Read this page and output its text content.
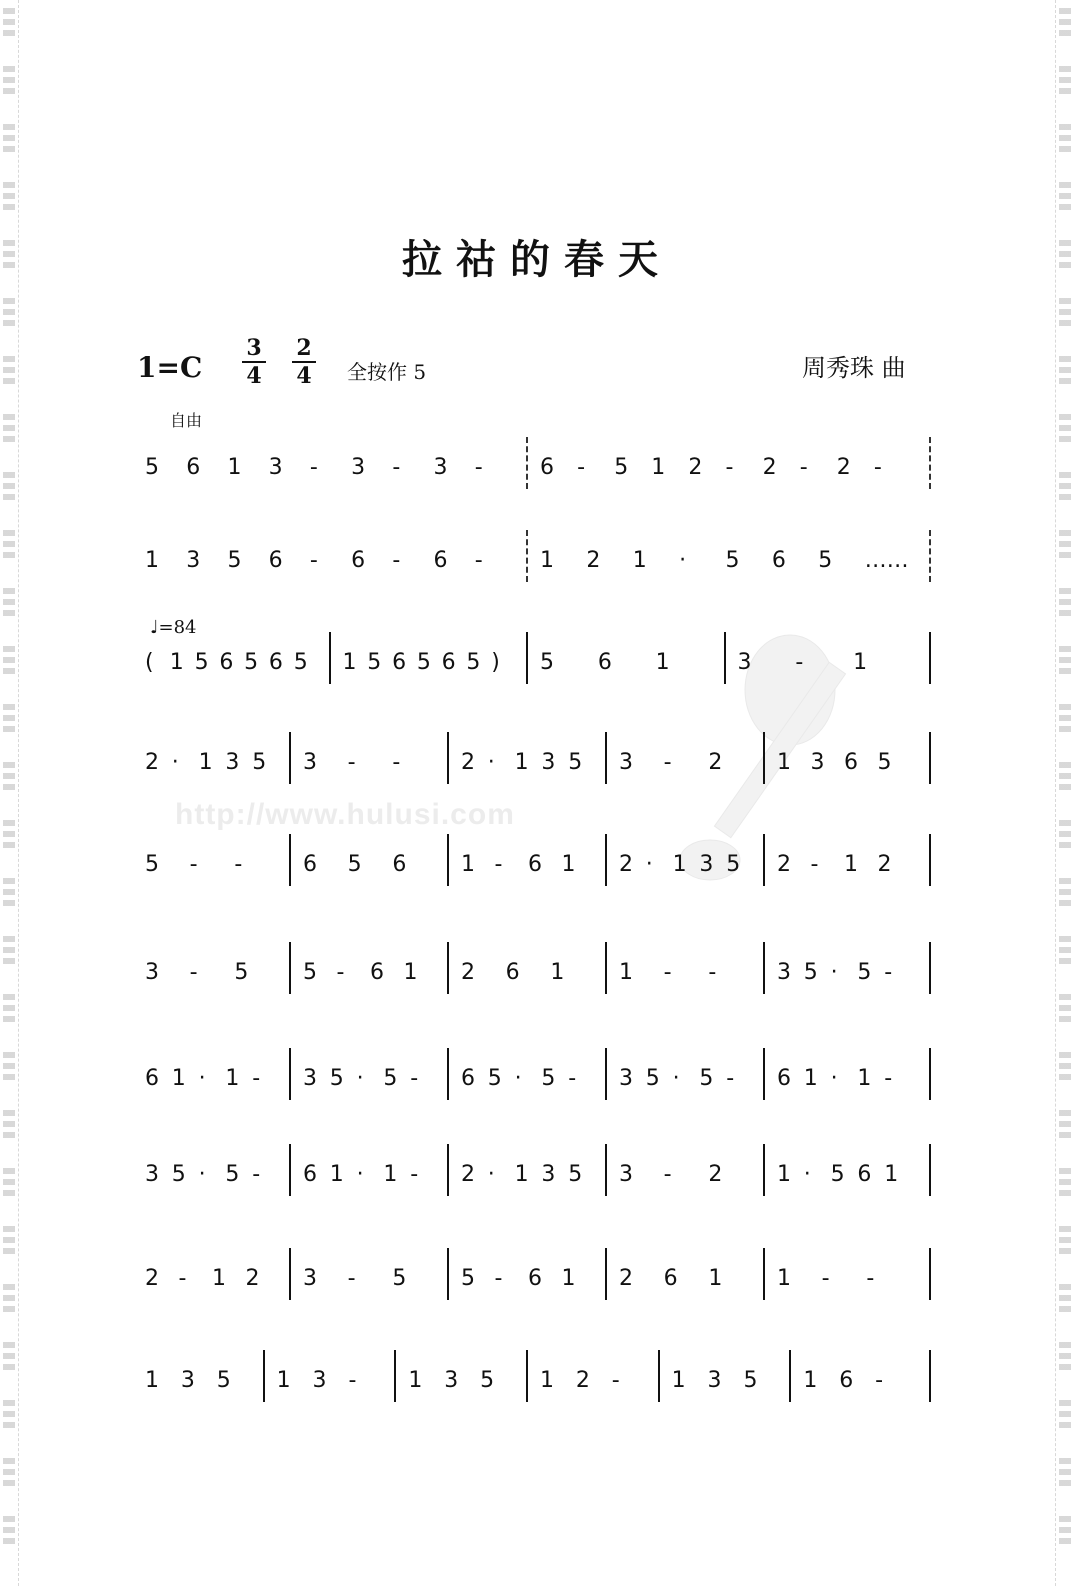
http://www.hulusi.com
拉祜的春天
1=C
3
4
2
4 全按作 5	周秀珠 曲
自由
♩=84
5 6 1 3 - 3 - 3 -	6 - 5 1 2 - 2 - 2 -
1 3 5 6 - 6 - 6 -	1 2 1 · 5 6 5 ……
( 1 5 6 5 6 5 1 5 6 5 6 5 ) 5 6 1	3 - 1
2 · 1 3 5 3 - -	2 · 1 3 5 3 - 2 1 3 6 5
5 - -	6 5 6 1 - 6 1 2 · 1 3 5 2 - 1 2
3 - 5 5 - 6 1 2 6 1 1 - -	3 5 · 5 -
6 1 · 1 - 3 5 · 5 - 6 5 · 5 - 3 5 · 5 - 6 1 · 1 -
3 5 · 5 - 6 1 · 1 - 2 · 1 3 5 3 - 2 1 · 5 6 1
2 - 1 2 3 - 5 5 - 6 1 2 6 1 1 - -
1 3 5 1 3 - 1 3 5 1 2 - 1 3 5 1 6 -
